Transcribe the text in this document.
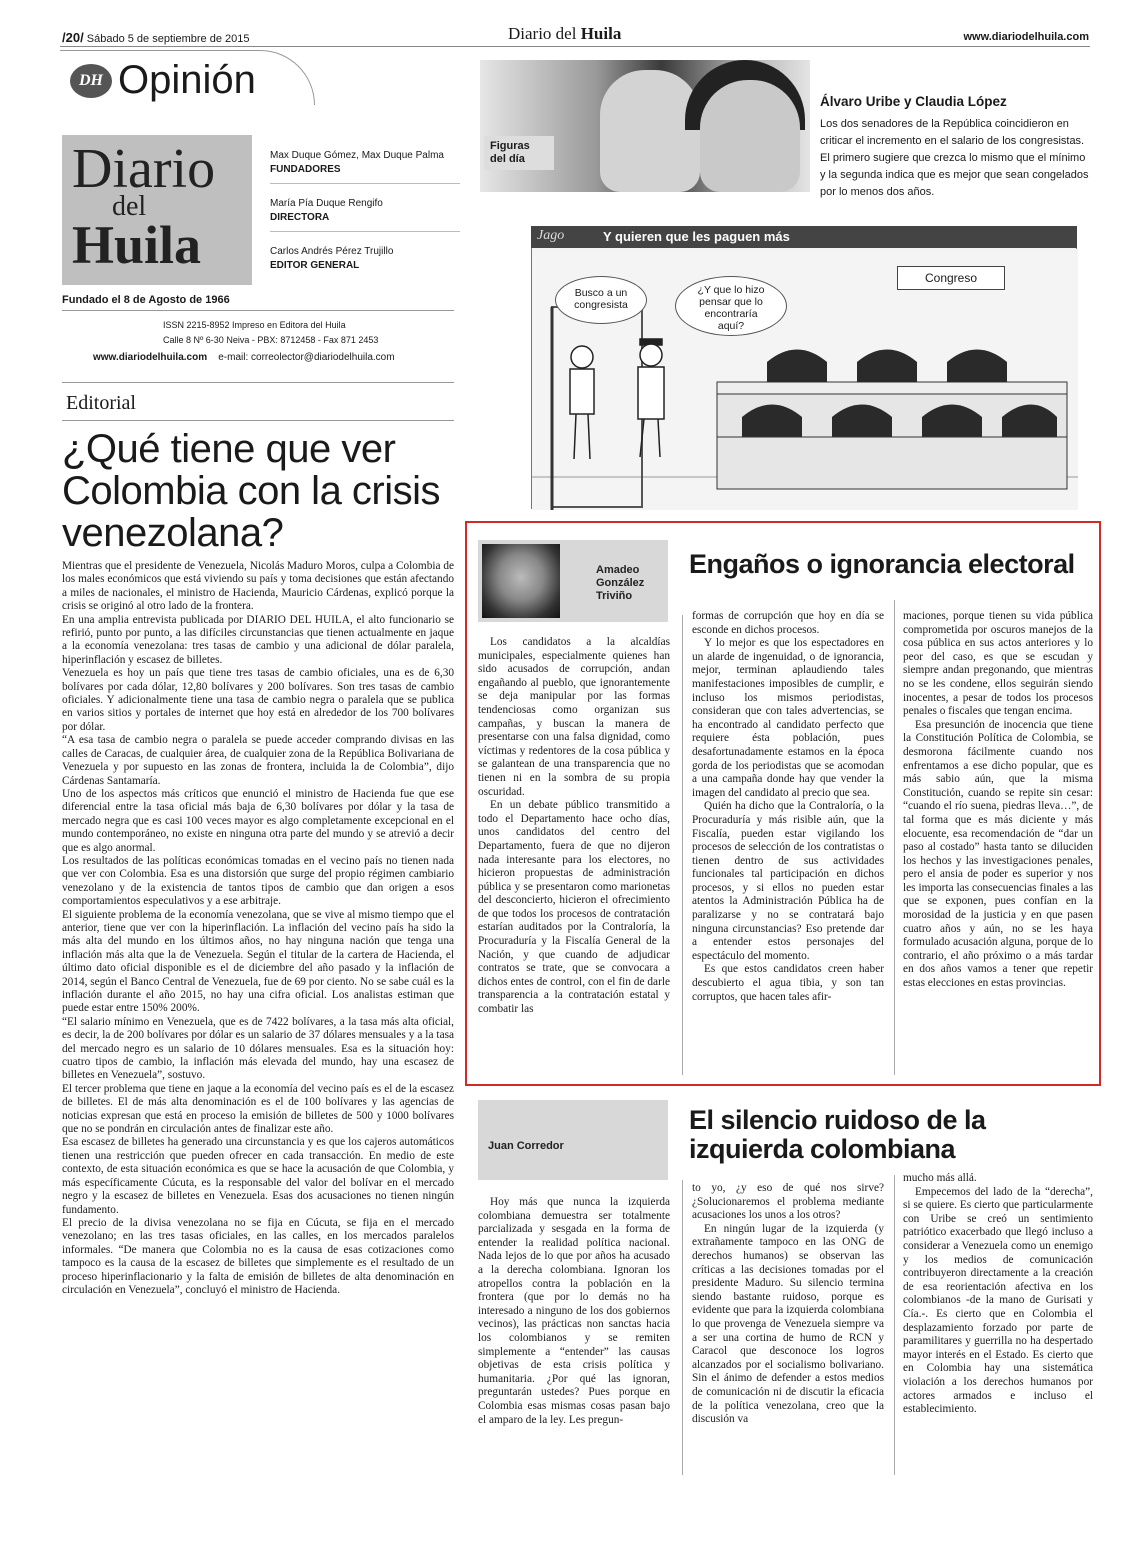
/20/ Sábado 5 de septiembre de 2015	Diario del Huila	www.diariodelhuila.com
DH Opinión
Diario
del
Huila
Max Duque Gómez, Max Duque Palma
FUNDADORES
María Pía Duque Rengifo
DIRECTORA
Carlos Andrés Pérez Trujillo
EDITOR GENERAL
Fundado el 8 de Agosto de 1966
ISSN 2215-8952 Impreso en Editora del Huila
Calle 8 Nº 6-30 Neiva - PBX: 8712458 - Fax 871 2453
www.diariodelhuila.com e-mail: correolector@diariodelhuila.com
Editorial
¿Qué tiene que ver Colombia con la crisis venezolana?

Mientras que el presidente de Venezuela, Nicolás Maduro Moros, culpa a Colombia de los males económicos que está viviendo su país y toma decisiones que están afectando a miles de nacionales, el ministro de Hacienda, Mauricio Cárdenas, explicó porque la crisis se originó al otro lado de la frontera.

En una amplia entrevista publicada por DIARIO DEL HUILA, el alto funcionario se refirió, punto por punto, a las difíciles circunstancias que tienen actualmente en jaque a la economía venezolana: tres tasas de cambio y una adicional de dólar paralela, hiperinflación y escasez de billetes.

Venezuela es hoy un país que tiene tres tasas de cambio oficiales, una es de 6,30 bolívares por cada dólar, 12,80 bolívares y 200 bolívares. Son tres tasas de cambio oficiales. Y adicionalmente tiene una tasa de cambio negra o paralela que se publica en varios sitios y portales de internet que hoy está en alrededor de los 700 bolívares por dólar.

“A esa tasa de cambio negra o paralela se puede acceder comprando divisas en las calles de Caracas, de cualquier área, de cualquier zona de la República Bolivariana de Venezuela y por supuesto en las zonas de frontera, incluida la de Colombia”, dijo Cárdenas Santamaría.

Uno de los aspectos más críticos que enunció el ministro de Hacienda fue que ese diferencial entre la tasa oficial más baja de 6,30 bolívares por dólar y la tasa de mercado negra que es casi 100 veces mayor es algo completamente excepcional en el mundo contemporáneo, no existe en ninguna otra parte del mundo y se atrevió a decir que es algo anormal.

Los resultados de las políticas económicas tomadas en el vecino país no tienen nada que ver con Colombia. Esa es una distorsión que surge del propio régimen cambiario venezolano y de la existencia de tantos tipos de cambio que dan origen a esos comportamientos especulativos y a ese arbitraje.

El siguiente problema de la economía venezolana, que se vive al mismo tiempo que el anterior, tiene que ver con la hiperinflación. La inflación del vecino país ha sido la más alta del mundo en los últimos años, no hay ninguna nación que tenga una inflación más alta que la de Venezuela. Según el titular de la cartera de Hacienda, el último dato oficial disponible es el de diciembre del año pasado y la inflación de 2014, según el Banco Central de Venezuela, fue de 69 por ciento. No se sabe cuál es la inflación durante el año 2015, no hay una cifra oficial. Los analistas estiman que puede estar entre 150% 200%.

“El salario mínimo en Venezuela, que es de 7422 bolívares, a la tasa más alta oficial, es decir, la de 200 bolívares por dólar es un salario de 37 dólares mensuales y a la tasa del mercado negro es un salario de 10 dólares mensuales. Esa es la situación hoy: cuatro tipos de cambio, la inflación más elevada del mundo, hay una escasez de billetes en Venezuela”, sostuvo.

El tercer problema que tiene en jaque a la economía del vecino país es el de la escasez de billetes. El de más alta denominación es el de 100 bolívares y las agencias de noticias expresan que está en proceso la emisión de billetes de 500 y 1000 bolívares que no se pondrán en circulación antes de finalizar este año.

Esa escasez de billetes ha generado una circunstancia y es que los cajeros automáticos tienen una restricción que pueden ofrecer en cada transacción. En medio de este contexto, de esta situación económica es que se hace la acusación de que Colombia, y más específicamente Cúcuta, es la responsable del valor del bolívar en el mercado negro y la escasez de billetes en Venezuela. Esas dos acusaciones no tienen ningún fundamento.

El precio de la divisa venezolana no se fija en Cúcuta, se fija en el mercado venezolano; en las tres tasas oficiales, en las calles, en los mercados paralelos informales. “De manera que Colombia no es la causa de esas cotizaciones como tampoco es la causa de la escasez de billetes que simplemente es el resultado de un proceso hiperinflacionario y la falta de emisión de billetes de alta denominación en circulación en Venezuela”, concluyó el ministro de Hacienda.

Figuras del día
Álvaro Uribe y Claudia López
Los dos senadores de la República coincidieron en criticar el incremento en el salario de los congresistas. El primero sugiere que crezca lo mismo que el mínimo y la segunda indica que es mejor que sean congelados por lo menos dos años.
Jago	Y quieren que les paguen más
Busco a un congresista
¿Y que lo hizo pensar que lo encontraría aquí?
Congreso
Amadeo González Triviño
Engaños o ignorancia electoral

Los candidatos a la alcaldías municipales, especialmente quienes han sido acusados de corrupción, andan engañando al pueblo, que ignorantemente se deja manipular por las formas tendenciosas como organizan sus campañas, y buscan la manera de presentarse con una falsa dignidad, como víctimas y redentores de la cosa pública y se galantean de una transparencia que no tienen ni en la sombra de su propia oscuridad.

En un debate público transmitido a todo el Departamento hace ocho días, unos candidatos del centro del Departamento, fuera de que no dijeron nada interesante para los electores, no hicieron propuestas de administración pública y se presentaron como marionetas del desconcierto, hicieron el ofrecimiento de que todos los procesos de contratación estarían auditados por la Contraloría, la Procuraduría y la Fiscalía General de la Nación, y que cuando de adjudicar contratos se trate, que se convocara a dichos entes de control, con el fin de darle transparencia a la contratación estatal y combatir las

formas de corrupción que hoy en día se esconde en dichos procesos.

Y lo mejor es que los espectadores en un alarde de ingenuidad, o de ignorancia, mejor, terminan aplaudiendo tales manifestaciones imposibles de cumplir, e incluso los mismos periodistas, consideran que con tales advertencias, se ha encontrado al candidato perfecto que requiere ésta población, pues desafortunadamente estamos en la época gorda de los periodistas que se acomodan a una campaña donde hay que vender la imagen del candidato al precio que sea.

Quién ha dicho que la Contraloría, o la Procuraduría y más risible aún, que la Fiscalía, pueden estar vigilando los procesos de selección de los contratistas o tienen dentro de sus actividades funcionales tal participación en dichos procesos, y si ellos no pueden estar atentos la Administración Pública ha de paralizarse y no se contratará bajo ninguna circunstancias? Eso pretende dar a entender estos personajes del espectáculo del momento.

Es que estos candidatos creen haber descubierto el agua tibia, y son tan corruptos, que hacen tales afir-

maciones, porque tienen su vida pública comprometida por oscuros manejos de la cosa pública en sus actos anteriores y lo peor del caso, es que se escudan y siempre andan pregonando, que mientras no se les condene, ellos seguirán siendo inocentes, a pesar de todos los procesos penales o fiscales que tengan encima.

Esa presunción de inocencia que tiene la Constitución Política de Colombia, se desmorona fácilmente cuando nos enfrentamos a ese dicho popular, que es más sabio aún, que la misma Constitución, cuando se repite sin cesar: “cuando el río suena, piedras lleva…”, de tal forma que es más diciente y más elocuente, esa recomendación de “dar un paso al costado” hasta tanto se diluciden los hechos y las investigaciones penales, pero el ansia de poder es superior y nos les importa las consecuencias finales a las que se exponen, pues confían en la morosidad de la justicia y en que pasen cuatro años y aún, no se les haya formulado acusación alguna, porque de lo contrario, el año próximo o a más tardar en dos años vamos a tener que repetir estas elecciones en estas provincias.

Juan Corredor
El silencio ruidoso de la izquierda colombiana

Hoy más que nunca la izquierda colombiana demuestra ser totalmente parcializada y sesgada en la forma de entender la realidad política nacional. Nada lejos de lo que por años ha acusado a la derecha colombiana. Ignoran los atropellos contra la población en la frontera (que por lo demás no ha interesado a ninguno de los dos gobiernos vecinos), las prácticas non sanctas hacia los colombianos y se remiten simplemente a “entender” las causas objetivas de esta crisis política y humanitaria. ¿Por qué las ignoran, preguntarán ustedes? Pues porque en Colombia esas mismas cosas pasan bajo el amparo de la ley. Les pregun-

to yo, ¿y eso de qué nos sirve? ¿Solucionaremos el problema mediante acusaciones los unos a los otros?

En ningún lugar de la izquierda (y extrañamente tampoco en las ONG de derechos humanos) se observan las críticas a las decisiones tomadas por el presidente Maduro. Su silencio termina siendo bastante ruidoso, porque es evidente que para la izquierda colombiana lo que provenga de Venezuela siempre va a ser una cortina de humo de RCN y Caracol que desconoce los logros alcanzados por el socialismo bolivariano. Sin el ánimo de defender a estos medios de comunicación ni de discutir la eficacia de la política venezolana, creo que la discusión va

mucho más allá.

Empecemos del lado de la “derecha”, si se quiere. Es cierto que particularmente con Uribe se creó un sentimiento patriótico exacerbado que llegó incluso a considerar a Venezuela como un enemigo y los medios de comunicación contribuyeron directamente a la creación de esa reorientación afectiva en los colombianos -de la mano de Gurisati y Cía.-. Es cierto que en Colombia el desplazamiento forzado por parte de paramilitares y guerrilla no ha despertado mayor interés en el Estado. Es cierto que en Colombia hay una sistemática violación a los derechos humanos por actores armados e incluso el establecimiento.
